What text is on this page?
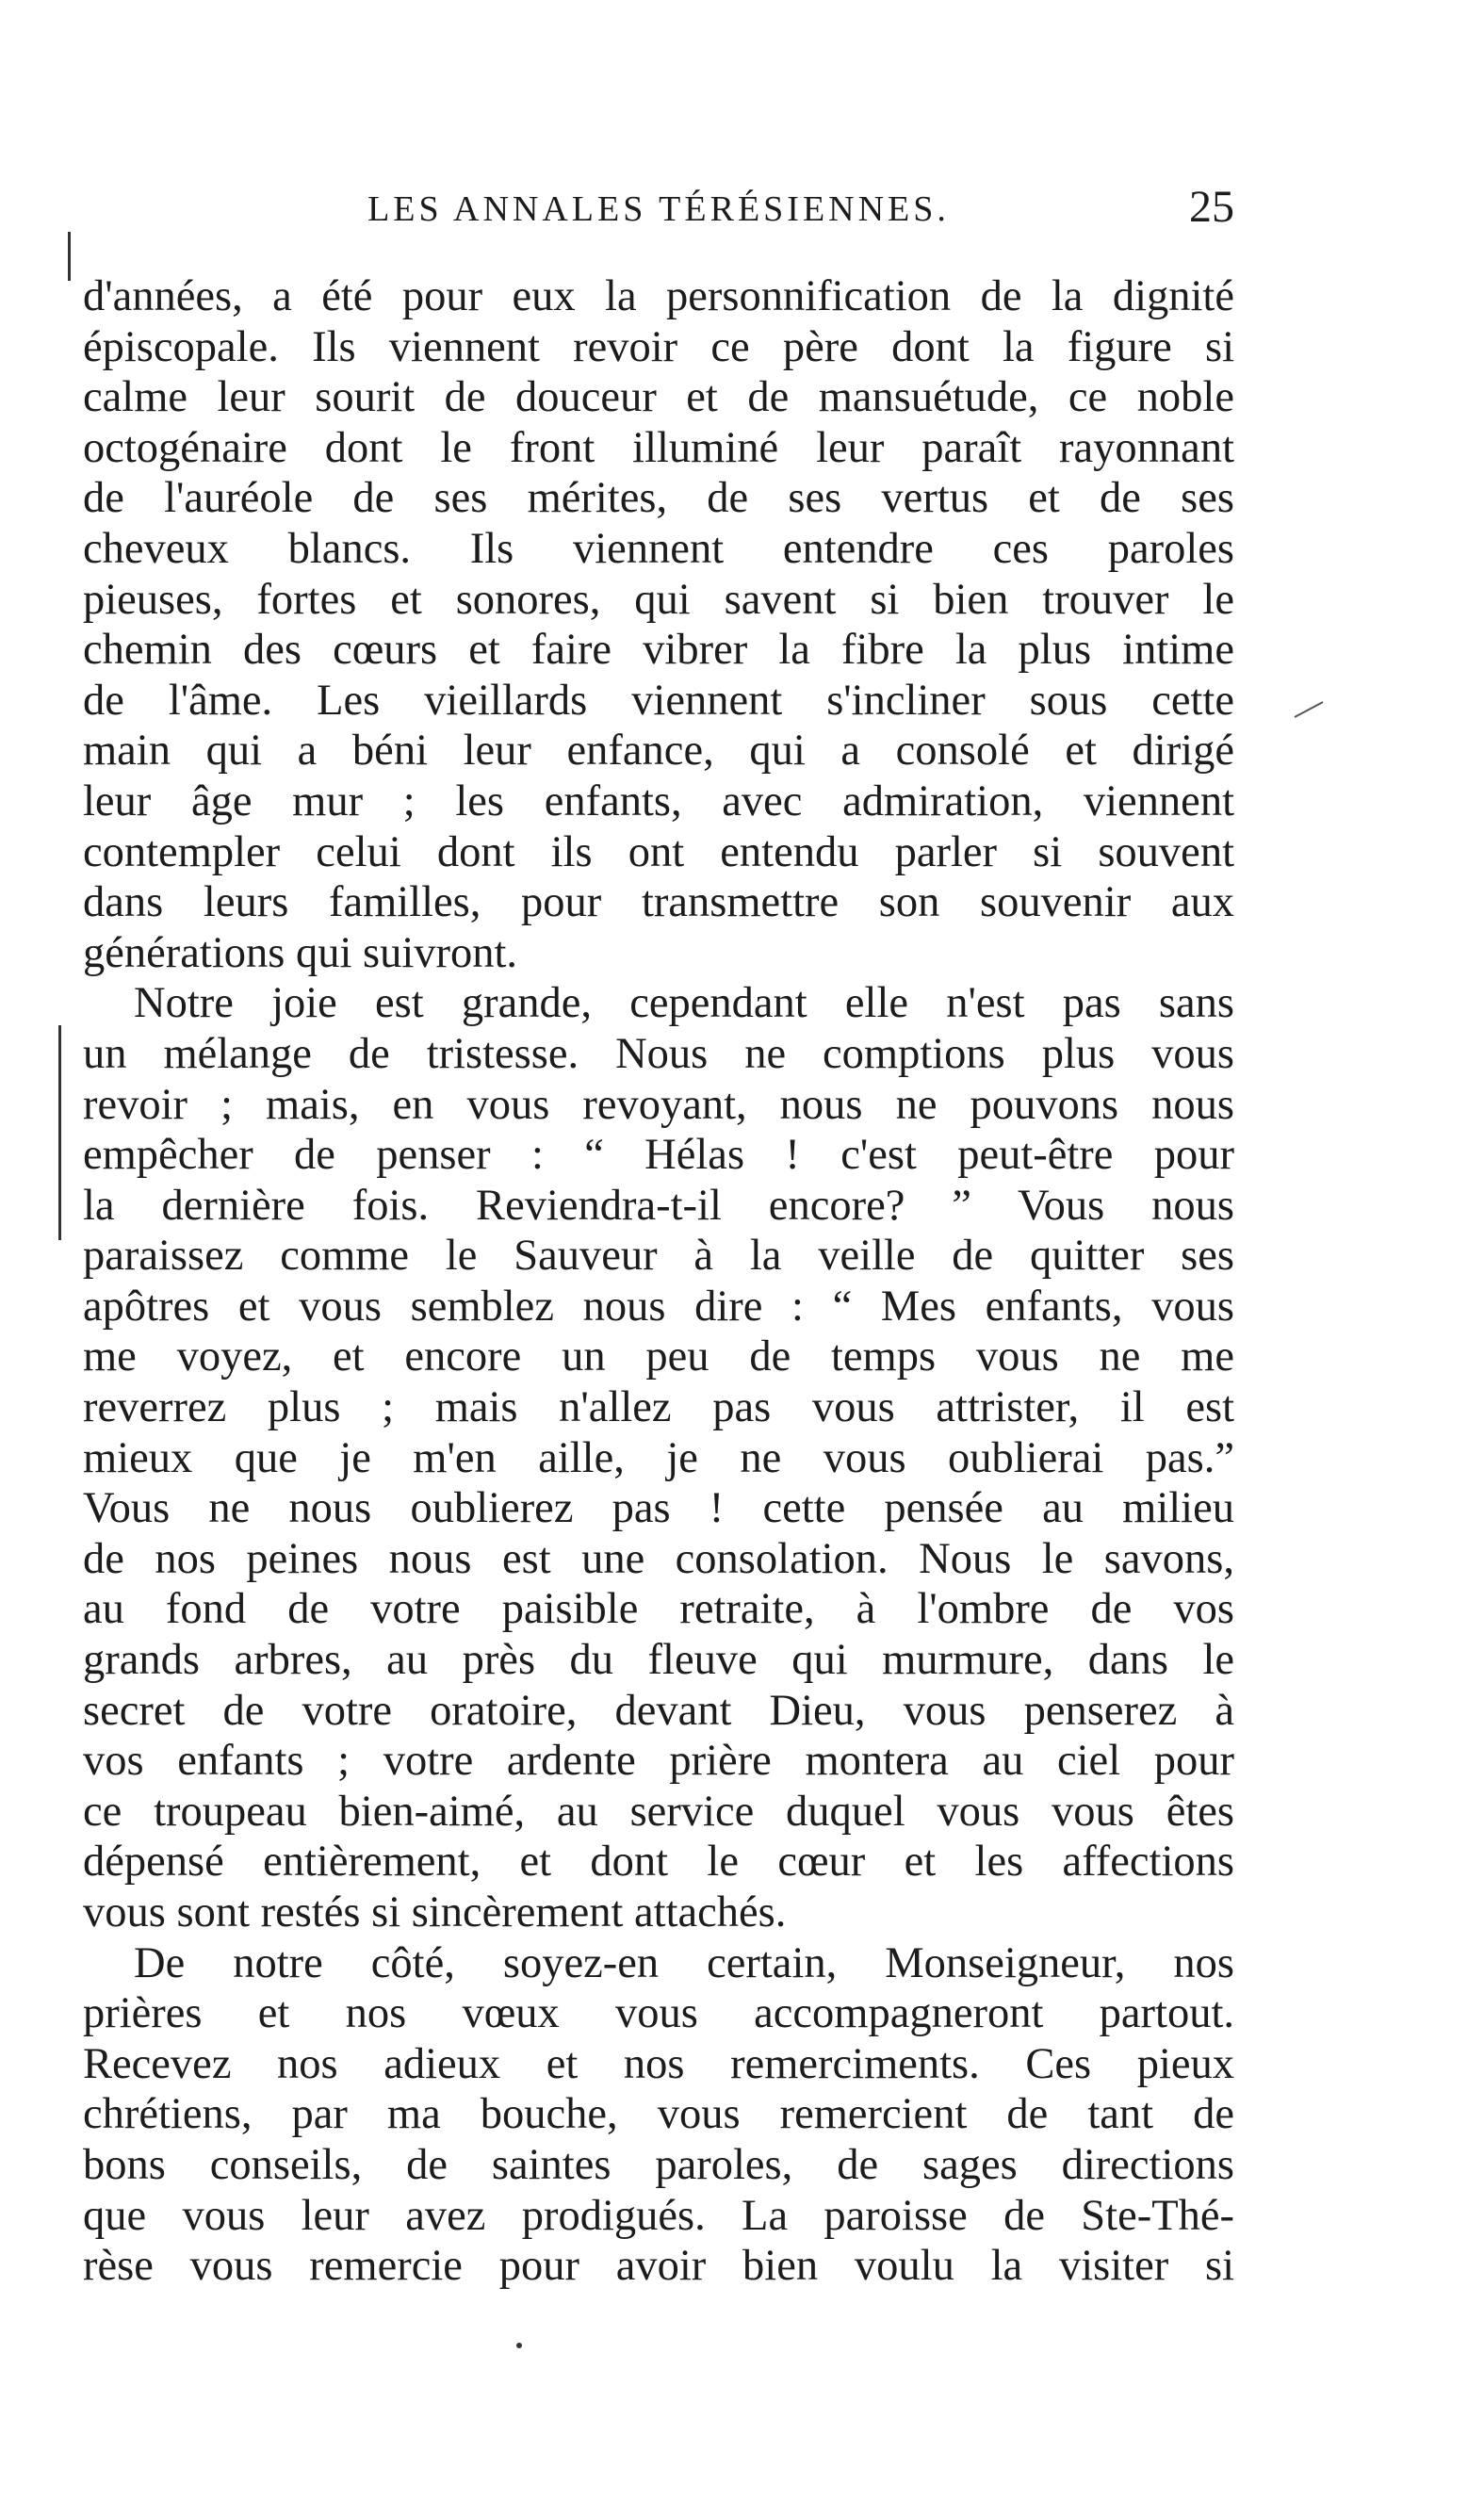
LES ANNALES TÉRÉSIENNES.	25
d'années, a été pour eux la personnification de la dignité
épiscopale. Ils viennent revoir ce père dont la figure si
calme leur sourit de douceur et de mansuétude, ce noble
octogénaire dont le front illuminé leur paraît rayonnant
de l'auréole de ses mérites, de ses vertus et de ses
cheveux blancs. Ils viennent entendre ces paroles
pieuses, fortes et sonores, qui savent si bien trouver le
chemin des cœurs et faire vibrer la fibre la plus intime
de l'âme. Les vieillards viennent s'incliner sous cette
main qui a béni leur enfance, qui a consolé et dirigé
leur âge mur ; les enfants, avec admiration, viennent
contempler celui dont ils ont entendu parler si souvent
dans leurs familles, pour transmettre son souvenir aux
générations qui suivront.
Notre joie est grande, cependant elle n'est pas sans
un mélange de tristesse. Nous ne comptions plus vous
revoir ; mais, en vous revoyant, nous ne pouvons nous
empêcher de penser : “ Hélas ! c'est peut-être pour
la dernière fois. Reviendra-t-il encore? ” Vous nous
paraissez comme le Sauveur à la veille de quitter ses
apôtres et vous semblez nous dire : “ Mes enfants, vous
me voyez, et encore un peu de temps vous ne me
reverrez plus ; mais n'allez pas vous attrister, il est
mieux que je m'en aille, je ne vous oublierai pas.”
Vous ne nous oublierez pas ! cette pensée au milieu
de nos peines nous est une consolation. Nous le savons,
au fond de votre paisible retraite, à l'ombre de vos
grands arbres, au près du fleuve qui murmure, dans le
secret de votre oratoire, devant Dieu, vous penserez à
vos enfants ; votre ardente prière montera au ciel pour
ce troupeau bien-aimé, au service duquel vous vous êtes
dépensé entièrement, et dont le cœur et les affections
vous sont restés si sincèrement attachés.
De notre côté, soyez-en certain, Monseigneur, nos
prières et nos vœux vous accompagneront partout.
Recevez nos adieux et nos remerciments. Ces pieux
chrétiens, par ma bouche, vous remercient de tant de
bons conseils, de saintes paroles, de sages directions
que vous leur avez prodigués. La paroisse de Ste-Thé-
rèse vous remercie pour avoir bien voulu la visiter si
